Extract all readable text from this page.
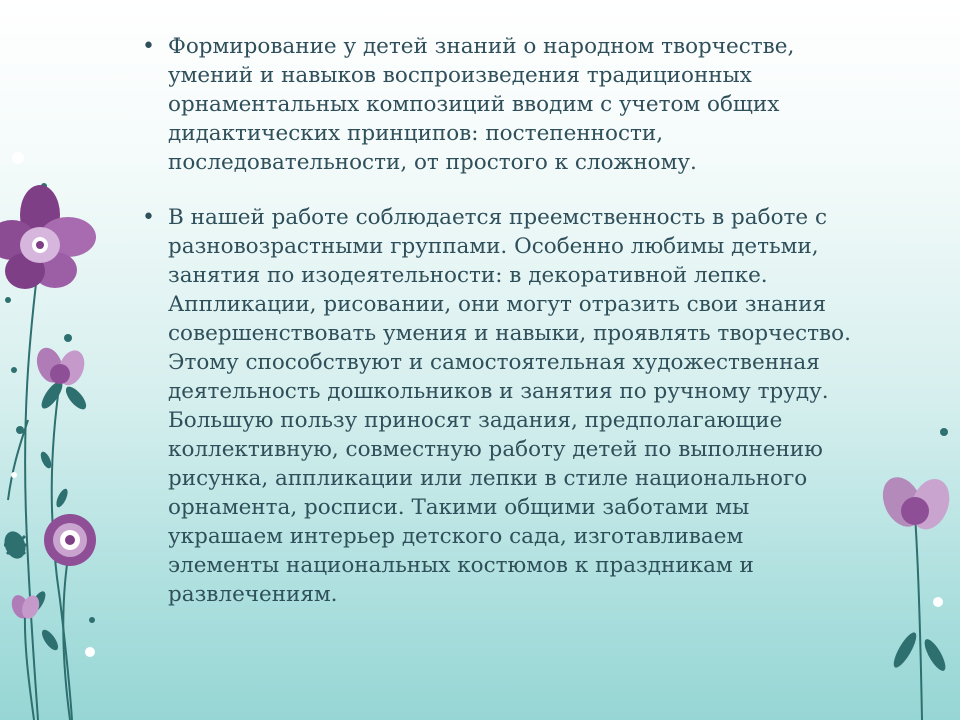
• Формирование у детей знаний о народном творчестве, умений и навыков воспроизведения традиционных орнаментальных композиций вводим с учетом общих дидактических принципов: постепенности, последовательности, от простого к сложному.
• В нашей работе соблюдается преемственность в работе с разновозрастными группами. Особенно любимы детьми, занятия по изодеятельности: в декоративной лепке. Аппликации, рисовании, они могут отразить свои знания совершенствовать умения и навыки, проявлять творчество. Этому способствуют и самостоятельная художественная деятельность дошкольников и занятия по ручному труду. Большую пользу приносят задания, предполагающие коллективную, совместную работу детей по выполнению рисунка, аппликации или лепки в стиле национального орнамента, росписи. Такими общими заботами мы украшаем интерьер детского сада, изготавливаем элементы национальных костюмов к праздникам и развлечениям.
